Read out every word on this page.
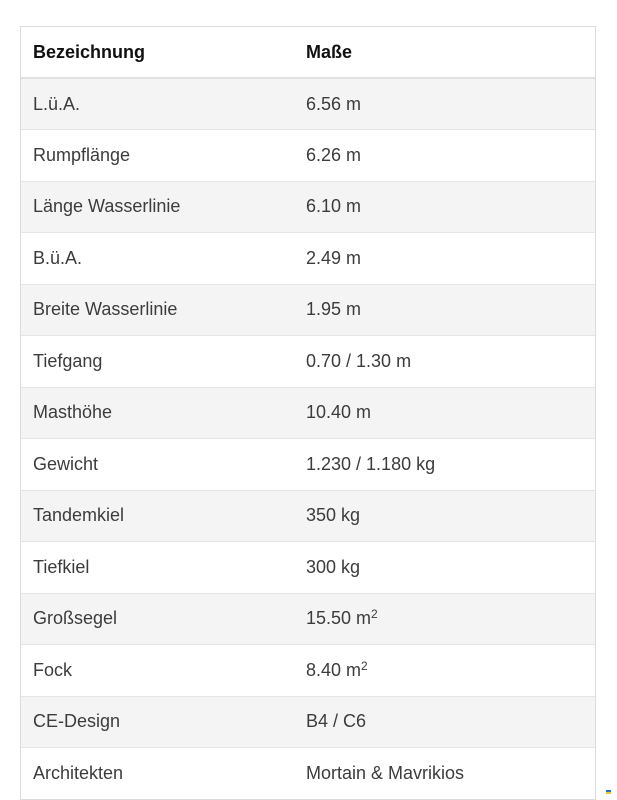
Bezeichnung	Maße
L.ü.A.	6.56 m
Rumpflänge	6.26 m
Länge Wasserlinie	6.10 m
B.ü.A.	2.49 m
Breite Wasserlinie	1.95 m
Tiefgang	0.70 / 1.30 m
Masthöhe	10.40 m
Gewicht	1.230 / 1.180 kg
Tandemkiel	350 kg
Tiefkiel	300 kg
Großsegel	15.50 $m^2$
Fock	8.40 $m^2$
CE-Design	B4 / C6
Architekten	Mortain & Mavrikios
